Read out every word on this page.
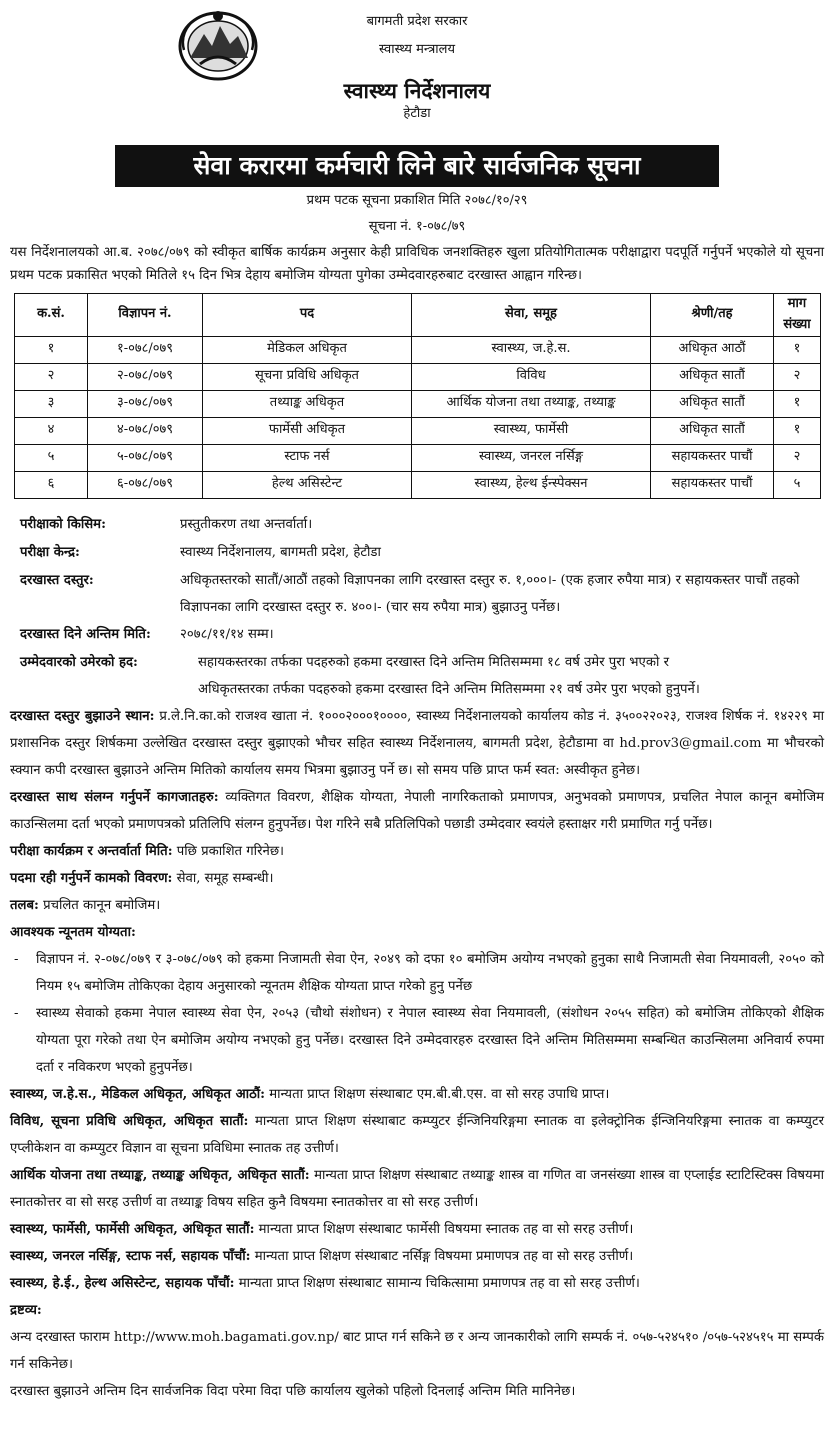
बागमती प्रदेश सरकार
स्वास्थ्य मन्त्रालय
स्वास्थ्य निर्देशनालय
हेटौडा
सेवा करारमा कर्मचारी लिने बारे सार्वजनिक सूचना
प्रथम पटक सूचना प्रकाशित मिति २०७८/१०/२९
सूचना नं. १-०७८/७९
यस निर्देशनालयको आ.ब. २०७८/०७९ को स्वीकृत बार्षिक कार्यक्रम अनुसार केही प्राविधिक जनशक्तिहरु खुला प्रतियोगितात्मक परीक्षाद्वारा पदपूर्ति गर्नुपर्ने भएकोले यो सूचना प्रथम पटक प्रकासित भएको मितिले १५ दिन भित्र देहाय बमोजिम योग्यता पुगेका उम्मेदवारहरुबाट दरखास्त आह्वान गरिन्छ।
क.सं.	विज्ञापन नं.	पद	सेवा, समूह	श्रेणी/तह	माग संख्या
१	१-०७८/०७९	मेडिकल अधिकृत	स्वास्थ्य, ज.हे.स.	अधिकृत आठौं	१
२	२-०७८/०७९	सूचना प्रविधि अधिकृत	विविध	अधिकृत सातौं	२
३	३-०७८/०७९	तथ्याङ्क अधिकृत	आर्थिक योजना तथा तथ्याङ्क, तथ्याङ्क	अधिकृत सातौं	१
४	४-०७८/०७९	फार्मेसी अधिकृत	स्वास्थ्य, फार्मेसी	अधिकृत सातौं	१
५	५-०७८/०७९	स्टाफ नर्स	स्वास्थ्य, जनरल नर्सिङ्ग	सहायकस्तर पाचौं	२
६	६-०७८/०७९	हेल्थ असिस्टेन्ट	स्वास्थ्य, हेल्थ ईन्स्पेक्सन	सहायकस्तर पाचौं	५
परीक्षाको किसिम:	प्रस्तुतीकरण तथा अन्तर्वार्ता।
परीक्षा केन्द्र:	स्वास्थ्य निर्देशनालय, बागमती प्रदेश, हेटौडा
दरखास्त दस्तुर:	अधिकृतस्तरको सातौं/आठौं तहको विज्ञापनका लागि दरखास्त दस्तुर रु. १,०००।- (एक हजार रुपैया मात्र) र सहायकस्तर पाचौं तहको विज्ञापनका लागि दरखास्त दस्तुर रु. ४००।- (चार सय रुपैया मात्र) बुझाउनु पर्नेछ।
दरखास्त दिने अन्तिम मिति:	२०७८/११/१४ सम्म।
उम्मेदवारको उमेरको हद:	सहायकस्तरका तर्फका पदहरुको हकमा दरखास्त दिने अन्तिम मितिसम्ममा १८ वर्ष उमेर पुरा भएको र
अधिकृतस्तरका तर्फका पदहरुको हकमा दरखास्त दिने अन्तिम मितिसम्ममा २१ वर्ष उमेर पुरा भएको हुनुपर्ने।
दरखास्त दस्तुर बुझाउने स्थान: प्र.ले.नि.का.को राजश्व खाता नं. १०००२०००१००००, स्वास्थ्य निर्देशनालयको कार्यालय कोड नं. ३५००२२०२३, राजश्व शिर्षक नं. १४२२९ मा प्रशासनिक दस्तुर शिर्षकमा उल्लेखित दरखास्त दस्तुर बुझाएको भौचर सहित स्वास्थ्य निर्देशनालय, बागमती प्रदेश, हेटौडामा वा hd.prov3@gmail.com मा भौचरको स्क्यान कपी दरखास्त बुझाउने अन्तिम मितिको कार्यालय समय भित्रमा बुझाउनु पर्ने छ। सो समय पछि प्राप्त फर्म स्वत: अस्वीकृत हुनेछ।
दरखास्त साथ संलग्न गर्नुपर्ने कागजातहरु: व्यक्तिगत विवरण, शैक्षिक योग्यता, नेपाली नागरिकताको प्रमाणपत्र, अनुभवको प्रमाणपत्र, प्रचलित नेपाल कानून बमोजिम काउन्सिलमा दर्ता भएको प्रमाणपत्रको प्रतिलिपि संलग्न हुनुपर्नेछ। पेश गरिने सबै प्रतिलिपिको पछाडी उम्मेदवार स्वयंले हस्ताक्षर गरी प्रमाणित गर्नु पर्नेछ।
परीक्षा कार्यक्रम र अन्तर्वार्ता मिति: पछि प्रकाशित गरिनेछ।
पदमा रही गर्नुपर्ने कामको विवरण: सेवा, समूह सम्बन्धी।
तलब: प्रचलित कानून बमोजिम।
आवश्यक न्यूनतम योग्यता:
-	विज्ञापन नं. २-०७८/०७९ र ३-०७८/०७९ को हकमा निजामती सेवा ऐन, २०४९ को दफा १० बमोजिम अयोग्य नभएको हुनुका साथै निजामती सेवा नियमावली, २०५० को नियम १५ बमोजिम तोकिएका देहाय अनुसारको न्यूनतम शैक्षिक योग्यता प्राप्त गरेको हुनु पर्नेछ
-	स्वास्थ्य सेवाको हकमा नेपाल स्वास्थ्य सेवा ऐन, २०५३ (चौथो संशोधन) र नेपाल स्वास्थ्य सेवा नियमावली, (संशोधन २०५५ सहित) को बमोजिम तोकिएको शैक्षिक योग्यता पूरा गरेको तथा ऐन बमोजिम अयोग्य नभएको हुनु पर्नेछ। दरखास्त दिने उम्मेदवारहरु दरखास्त दिने अन्तिम मितिसम्ममा सम्बन्धित काउन्सिलमा अनिवार्य रुपमा दर्ता र नविकरण भएको हुनुपर्नेछ।
स्वास्थ्य, ज.हे.स., मेडिकल अधिकृत, अधिकृत आठौं: मान्यता प्राप्त शिक्षण संस्थाबाट एम.बी.बी.एस. वा सो सरह उपाधि प्राप्त।
विविध, सूचना प्रविधि अधिकृत, अधिकृत सातौं: मान्यता प्राप्त शिक्षण संस्थाबाट कम्प्युटर ईन्जिनियरिङ्गमा स्नातक वा इलेक्ट्रोनिक ईन्जिनियरिङ्गमा स्नातक वा कम्प्युटर एप्लीकेशन वा कम्प्युटर विज्ञान वा सूचना प्रविधिमा स्नातक तह उत्तीर्ण।
आर्थिक योजना तथा तथ्याङ्क, तथ्याङ्क अधिकृत, अधिकृत सातौं: मान्यता प्राप्त शिक्षण संस्थाबाट तथ्याङ्क शास्त्र वा गणित वा जनसंख्या शास्त्र वा एप्लाईड स्टाटिस्टिक्स विषयमा स्नातकोत्तर वा सो सरह उत्तीर्ण वा तथ्याङ्क विषय सहित कुनै विषयमा स्नातकोत्तर वा सो सरह उत्तीर्ण।
स्वास्थ्य, फार्मेसी, फार्मेसी अधिकृत, अधिकृत सातौं: मान्यता प्राप्त शिक्षण संस्थाबाट फार्मेसी विषयमा स्नातक तह वा सो सरह उत्तीर्ण।
स्वास्थ्य, जनरल नर्सिङ्ग, स्टाफ नर्स, सहायक पाँचौं: मान्यता प्राप्त शिक्षण संस्थाबाट नर्सिङ्ग विषयमा प्रमाणपत्र तह वा सो सरह उत्तीर्ण।
स्वास्थ्य, हे.ई., हेल्थ असिस्टेन्ट, सहायक पाँचौं: मान्यता प्राप्त शिक्षण संस्थाबाट सामान्य चिकित्सामा प्रमाणपत्र तह वा सो सरह उत्तीर्ण।
द्रष्टव्य:
अन्य दरखास्त फाराम http://www.moh.bagamati.gov.np/ बाट प्राप्त गर्न सकिने छ र अन्य जानकारीको लागि सम्पर्क नं. ०५७-५२४५१० /०५७-५२४५१५ मा सम्पर्क गर्न सकिनेछ।
दरखास्त बुझाउने अन्तिम दिन सार्वजनिक विदा परेमा विदा पछि कार्यालय खुलेको पहिलो दिनलाई अन्तिम मिति मानिनेछ।
